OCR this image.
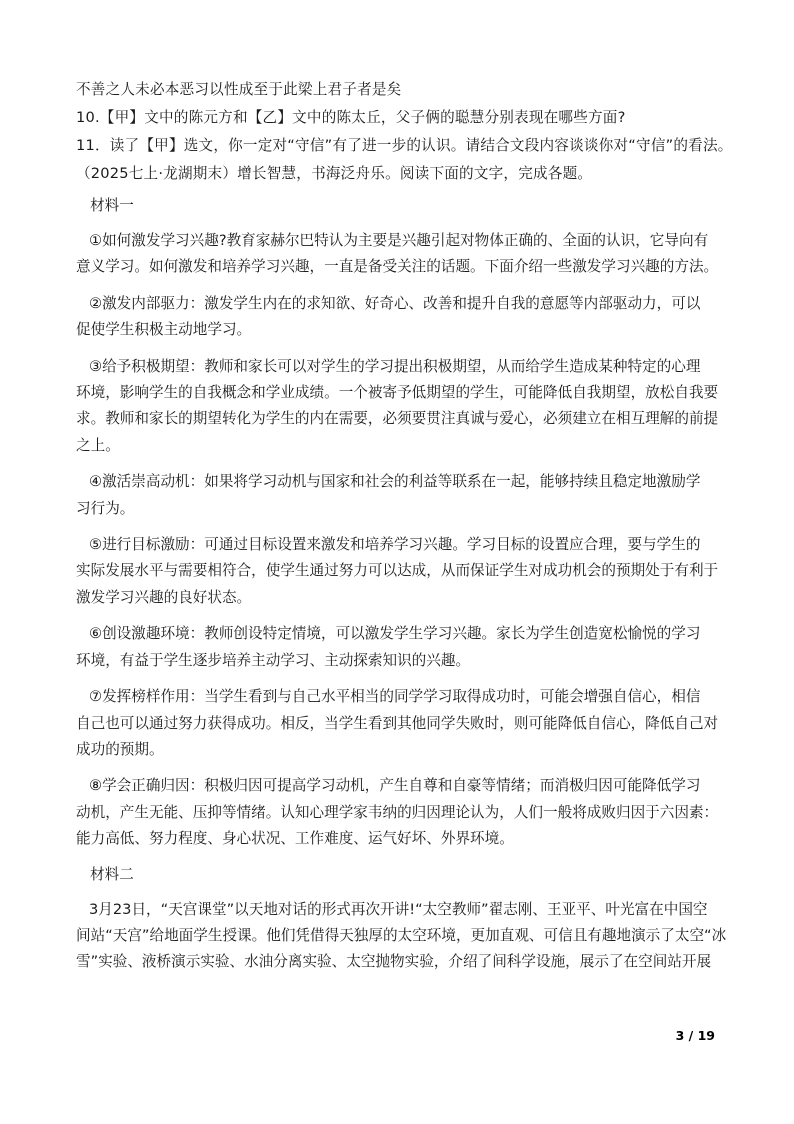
不善之人未必本恶习以性成至于此梁上君子者是矣

10.【甲】文中的陈元方和【乙】文中的陈太丘，父子俩的聪慧分别表现在哪些方面?

11．读了【甲】选文，你一定对“守信”有了进一步的认识。请结合文段内容谈谈你对“守信”的看法。

（2025七上·龙湖期末）增长智慧，书海泛舟乐。阅读下面的文字，完成各题。

材料一
①如何激发学习兴趣?教育家赫尔巴特认为主要是兴趣引起对物体正确的、全面的认识，它导向有
意义学习。如何激发和培养学习兴趣，一直是备受关注的话题。下面介绍一些激发学习兴趣的方法。
②激发内部驱力：激发学生内在的求知欲、好奇心、改善和提升自我的意愿等内部驱动力，可以
促使学生积极主动地学习。
③给予积极期望：教师和家长可以对学生的学习提出积极期望，从而给学生造成某种特定的心理
环境，影响学生的自我概念和学业成绩。一个被寄予低期望的学生，可能降低自我期望，放松自我要
求。教师和家长的期望转化为学生的内在需要，必须要贯注真诚与爱心，必须建立在相互理解的前提
之上。
④激活崇高动机：如果将学习动机与国家和社会的利益等联系在一起，能够持续且稳定地激励学
习行为。
⑤进行目标激励：可通过目标设置来激发和培养学习兴趣。学习目标的设置应合理，要与学生的
实际发展水平与需要相符合，使学生通过努力可以达成，从而保证学生对成功机会的预期处于有利于
激发学习兴趣的良好状态。
⑥创设激趣环境：教师创设特定情境，可以激发学生学习兴趣。家长为学生创造宽松愉悦的学习
环境，有益于学生逐步培养主动学习、主动探索知识的兴趣。
⑦发挥榜样作用：当学生看到与自己水平相当的同学学习取得成功时，可能会增强自信心，相信
自己也可以通过努力获得成功。相反，当学生看到其他同学失败时，则可能降低自信心，降低自己对
成功的预期。
⑧学会正确归因：积极归因可提高学习动机，产生自尊和自豪等情绪；而消极归因可能降低学习
动机，产生无能、压抑等情绪。认知心理学家韦纳的归因理论认为，人们一般将成败归因于六因素：
能力高低、努力程度、身心状况、工作难度、运气好坏、外界环境。
材料二
3月23日，“天宫课堂”以天地对话的形式再次开讲!“太空教师”翟志刚、王亚平、叶光富在中国空
间站“天宫”给地面学生授课。他们凭借得天独厚的太空环境，更加直观、可信且有趣地演示了太空“冰
雪”实验、液桥演示实验、水油分离实验、太空抛物实验，介绍了间科学设施，展示了在空间站开展
3 / 19
